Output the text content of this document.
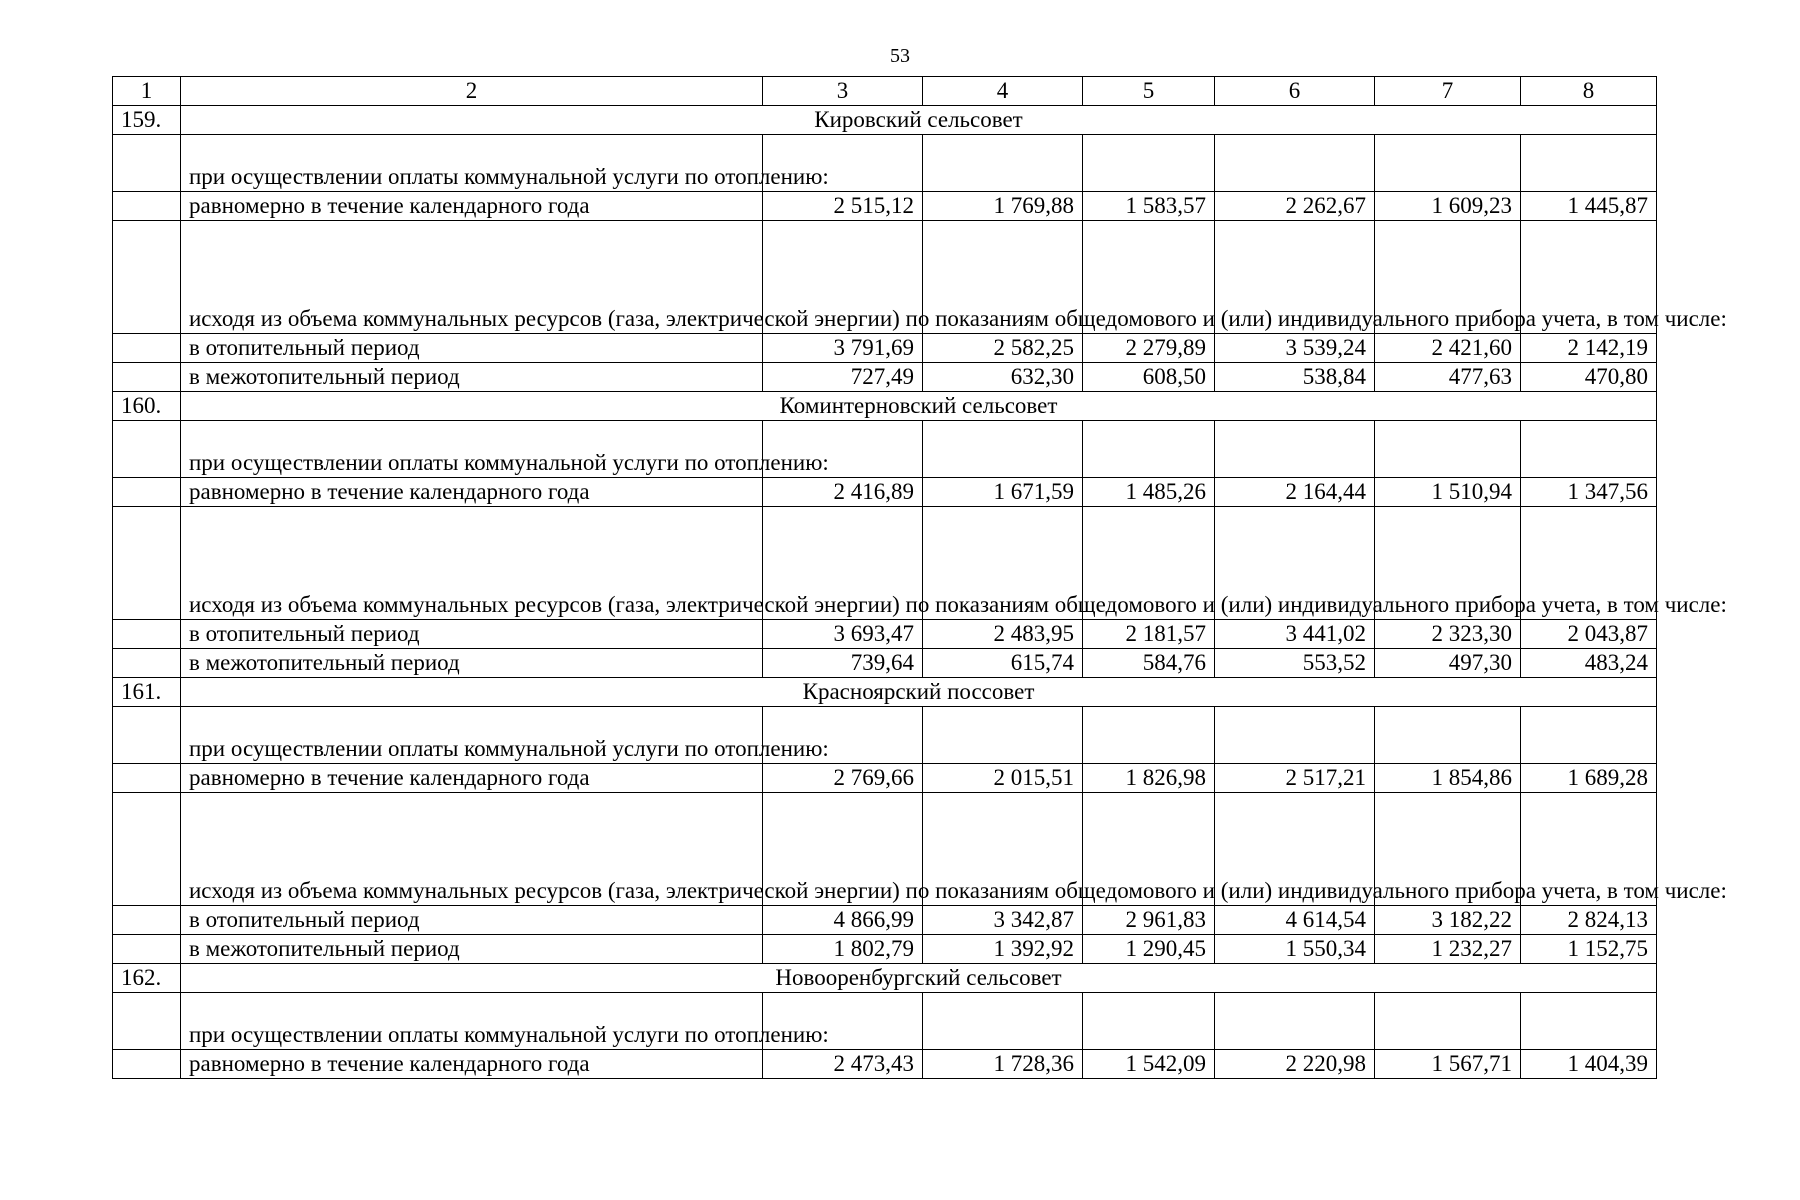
53
1	2	3	4	5	6	7	8
159.	Кировский сельсовет						
	при осуществлении оплаты коммунальной услуги по отоплению:						
	равномерно в течение календарного года	2 515,12	1 769,88	1 583,57	2 262,67	1 609,23	1 445,87
	исходя из объема коммунальных ресурсов (газа, электрической энергии) по показаниям общедомового и (или) индивидуального прибора учета, в том числе:						
	в отопительный период	3 791,69	2 582,25	2 279,89	3 539,24	2 421,60	2 142,19
	в межотопительный период	727,49	632,30	608,50	538,84	477,63	470,80
160.	Коминтерновский сельсовет						
	при осуществлении оплаты коммунальной услуги по отоплению:						
	равномерно в течение календарного года	2 416,89	1 671,59	1 485,26	2 164,44	1 510,94	1 347,56
	исходя из объема коммунальных ресурсов (газа, электрической энергии) по показаниям общедомового и (или) индивидуального прибора учета, в том числе:						
	в отопительный период	3 693,47	2 483,95	2 181,57	3 441,02	2 323,30	2 043,87
	в межотопительный период	739,64	615,74	584,76	553,52	497,30	483,24
161.	Красноярский поссовет						
	при осуществлении оплаты коммунальной услуги по отоплению:						
	равномерно в течение календарного года	2 769,66	2 015,51	1 826,98	2 517,21	1 854,86	1 689,28
	исходя из объема коммунальных ресурсов (газа, электрической энергии) по показаниям общедомового и (или) индивидуального прибора учета, в том числе:						
	в отопительный период	4 866,99	3 342,87	2 961,83	4 614,54	3 182,22	2 824,13
	в межотопительный период	1 802,79	1 392,92	1 290,45	1 550,34	1 232,27	1 152,75
162.	Новооренбургский сельсовет						
	при осуществлении оплаты коммунальной услуги по отоплению:						
	равномерно в течение календарного года	2 473,43	1 728,36	1 542,09	2 220,98	1 567,71	1 404,39
